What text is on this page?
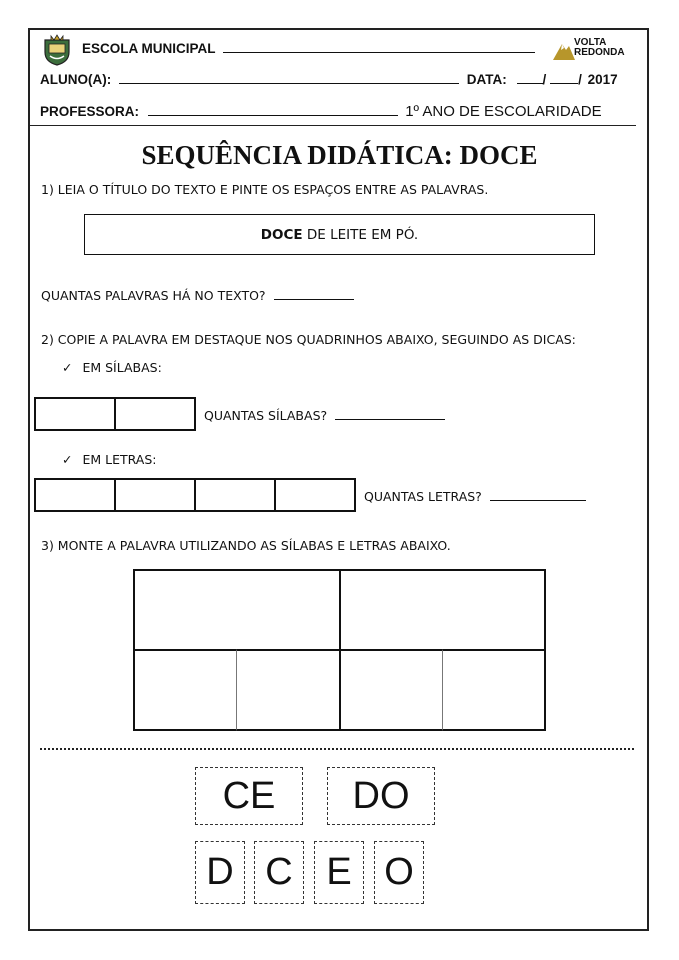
ESCOLA MUNICIPAL	VOLTA
REDONDA
ALUNO(A):	DATA:	/ / 2017
PROFESSORA:	1º ANO DE ESCOLARIDADE
SEQUÊNCIA DIDÁTICA: DOCE
1) LEIA O TÍTULO DO TEXTO E PINTE OS ESPAÇOS ENTRE AS PALAVRAS.
DOCE DE LEITE EM PÓ.
QUANTAS PALAVRAS HÁ NO TEXTO?
2) COPIE A PALAVRA EM DESTAQUE NOS QUADRINHOS ABAIXO, SEGUINDO AS DICAS:
✓ EM SÍLABAS:
QUANTAS SÍLABAS?
✓ EM LETRAS:
QUANTAS LETRAS?
3) MONTE A PALAVRA UTILIZANDO AS SÍLABAS E LETRAS ABAIXO.
CE	DO
D C E O
